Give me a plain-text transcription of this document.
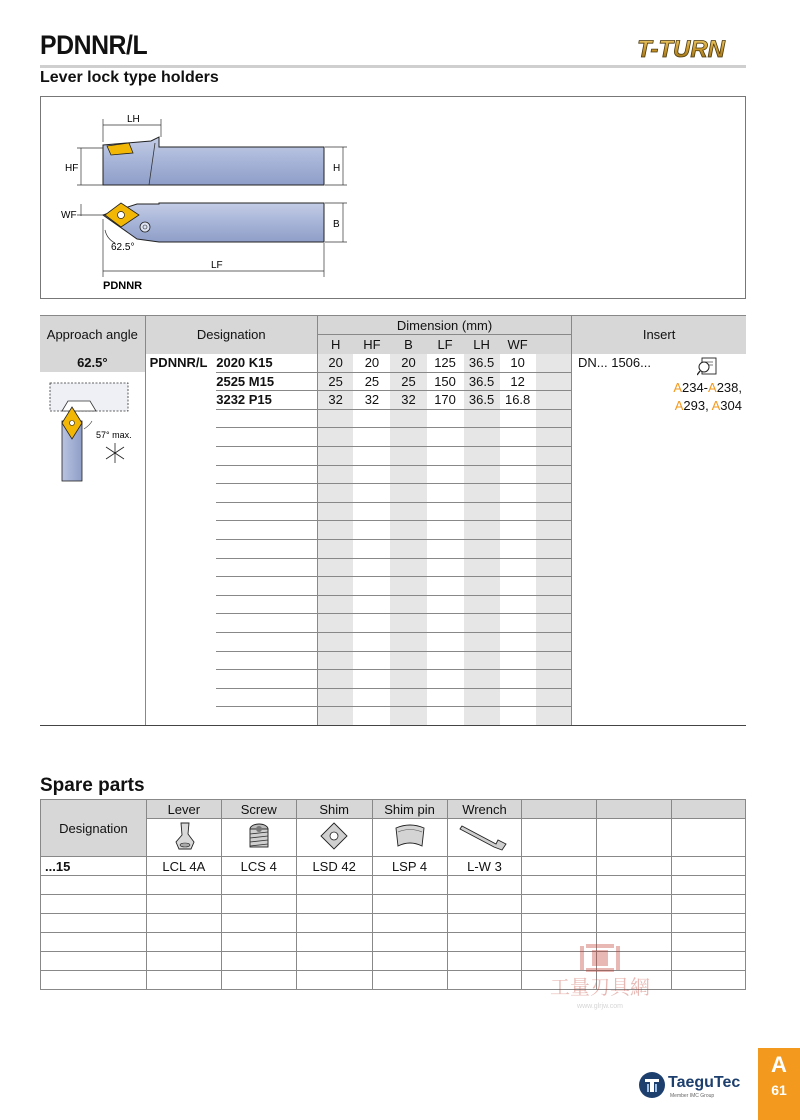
PDNNR/L
Lever lock type holders
T-TURN
LH
HF	H
WF
B
62.5°
LF
PDNNR
Approach angle	Designation		Dimension (mm)							Insert
			H	HF	B	LF	LH	WF		

62.5°	PDNNR/L	2020 K15	20	20	20	125	36.5	10		
		2525 M15	25	25	25	150	36.5	12		
		3232 P15	32	32	32	170	36.5	16.8		

57° max.
DN... 1506...
A234-A238,
A293, A304
Spare parts
Designation	Lever	Screw	Shim	Shim pin	Wrench			

...15	LCL 4A	LCS 4	LSD 42	LSP 4	L-W 3			

工量刃具網
www.glrjw.com
TaeguTec
Member IMC Group
A
61
